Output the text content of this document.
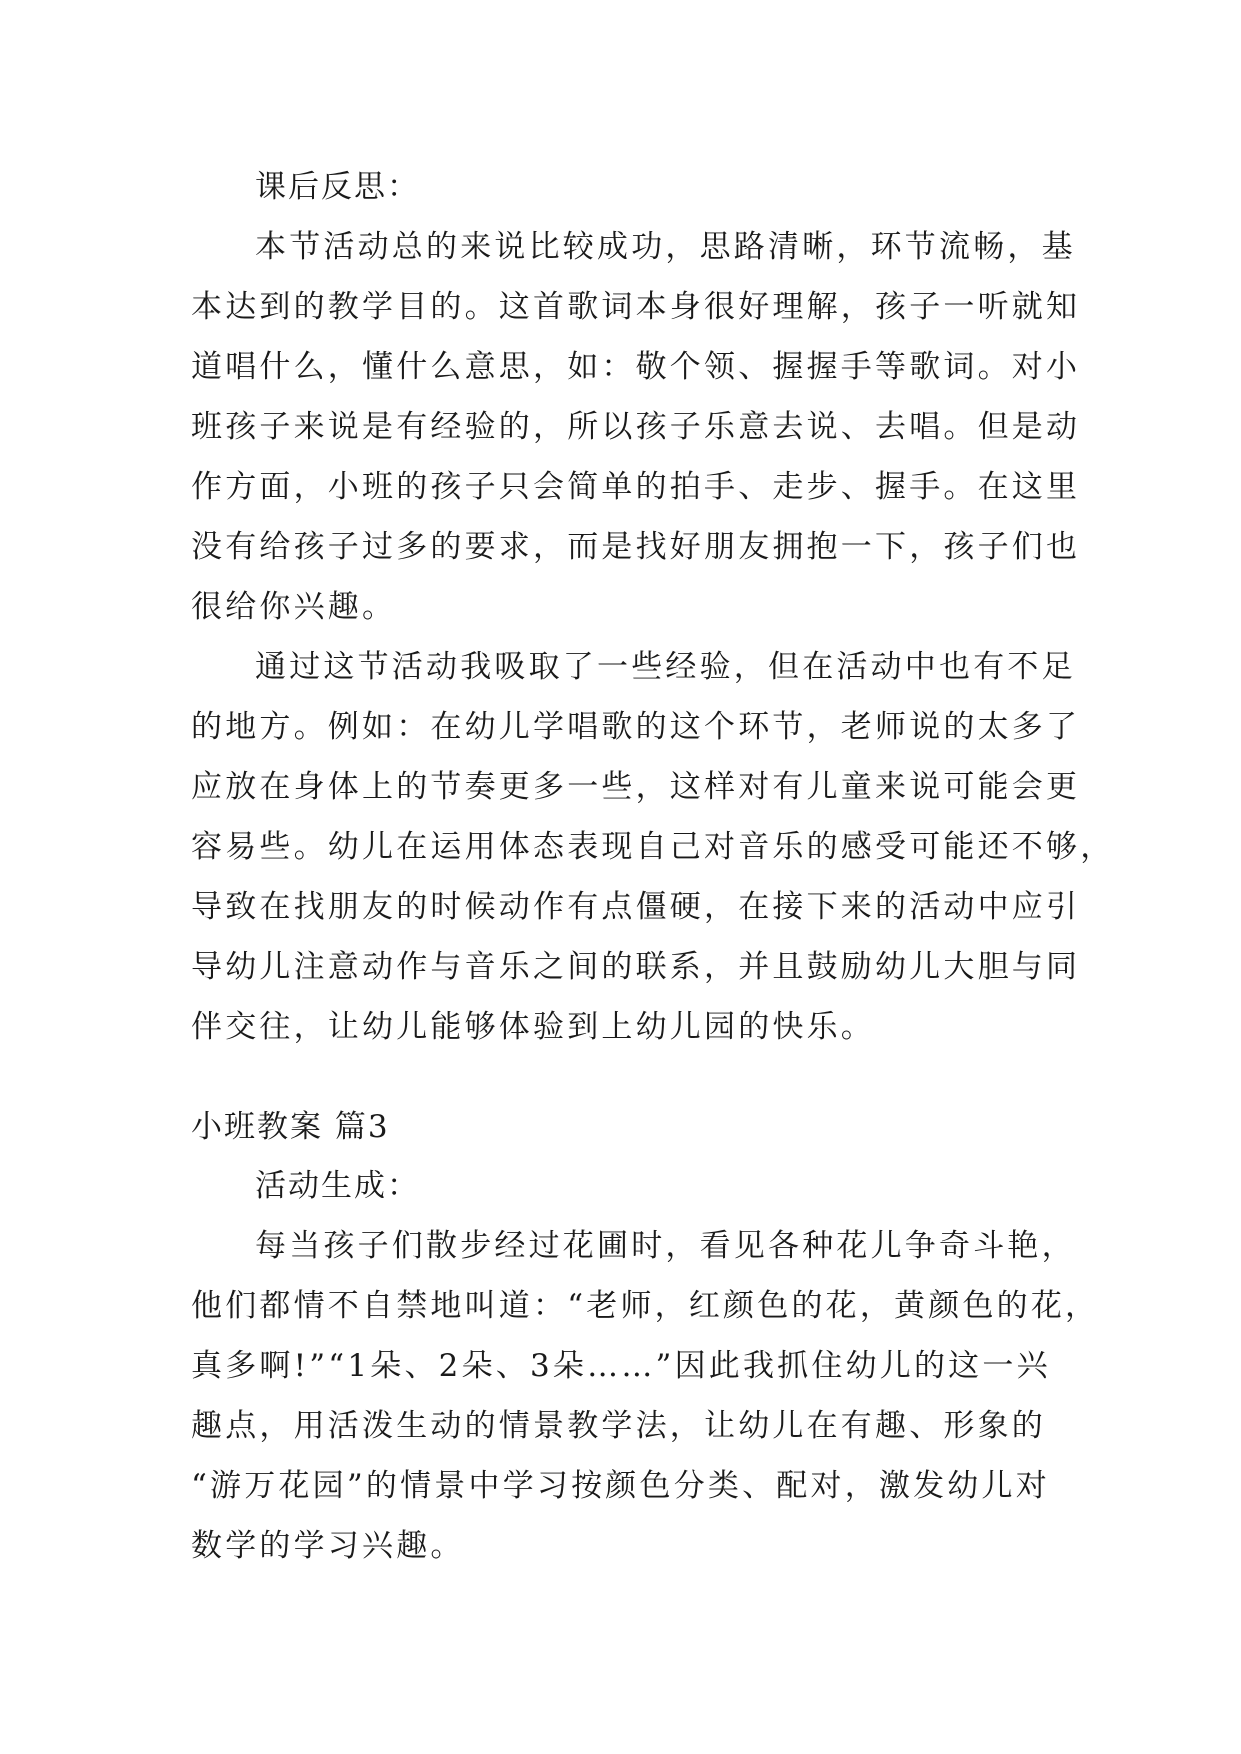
课后反思：
本节活动总的来说比较成功，思路清晰，环节流畅，基
本达到的教学目的。这首歌词本身很好理解，孩子一听就知
道唱什么，懂什么意思，如：敬个领、握握手等歌词。对小
班孩子来说是有经验的，所以孩子乐意去说、去唱。但是动
作方面，小班的孩子只会简单的拍手、走步、握手。在这里
没有给孩子过多的要求，而是找好朋友拥抱一下，孩子们也
很给你兴趣。
通过这节活动我吸取了一些经验，但在活动中也有不足
的地方。例如：在幼儿学唱歌的这个环节，老师说的太多了
应放在身体上的节奏更多一些，这样对有儿童来说可能会更
容易些。幼儿在运用体态表现自己对音乐的感受可能还不够，
导致在找朋友的时候动作有点僵硬，在接下来的活动中应引
导幼儿注意动作与音乐之间的联系，并且鼓励幼儿大胆与同
伴交往，让幼儿能够体验到上幼儿园的快乐。
小班教案 篇3
活动生成：
每当孩子们散步经过花圃时，看见各种花儿争奇斗艳，
他们都情不自禁地叫道：“老师，红颜色的花，黄颜色的花，
真多啊!”“1朵、2朵、3朵……”因此我抓住幼儿的这一兴
趣点，用活泼生动的情景教学法，让幼儿在有趣、形象的
“游万花园”的情景中学习按颜色分类、配对，激发幼儿对
数学的学习兴趣。
